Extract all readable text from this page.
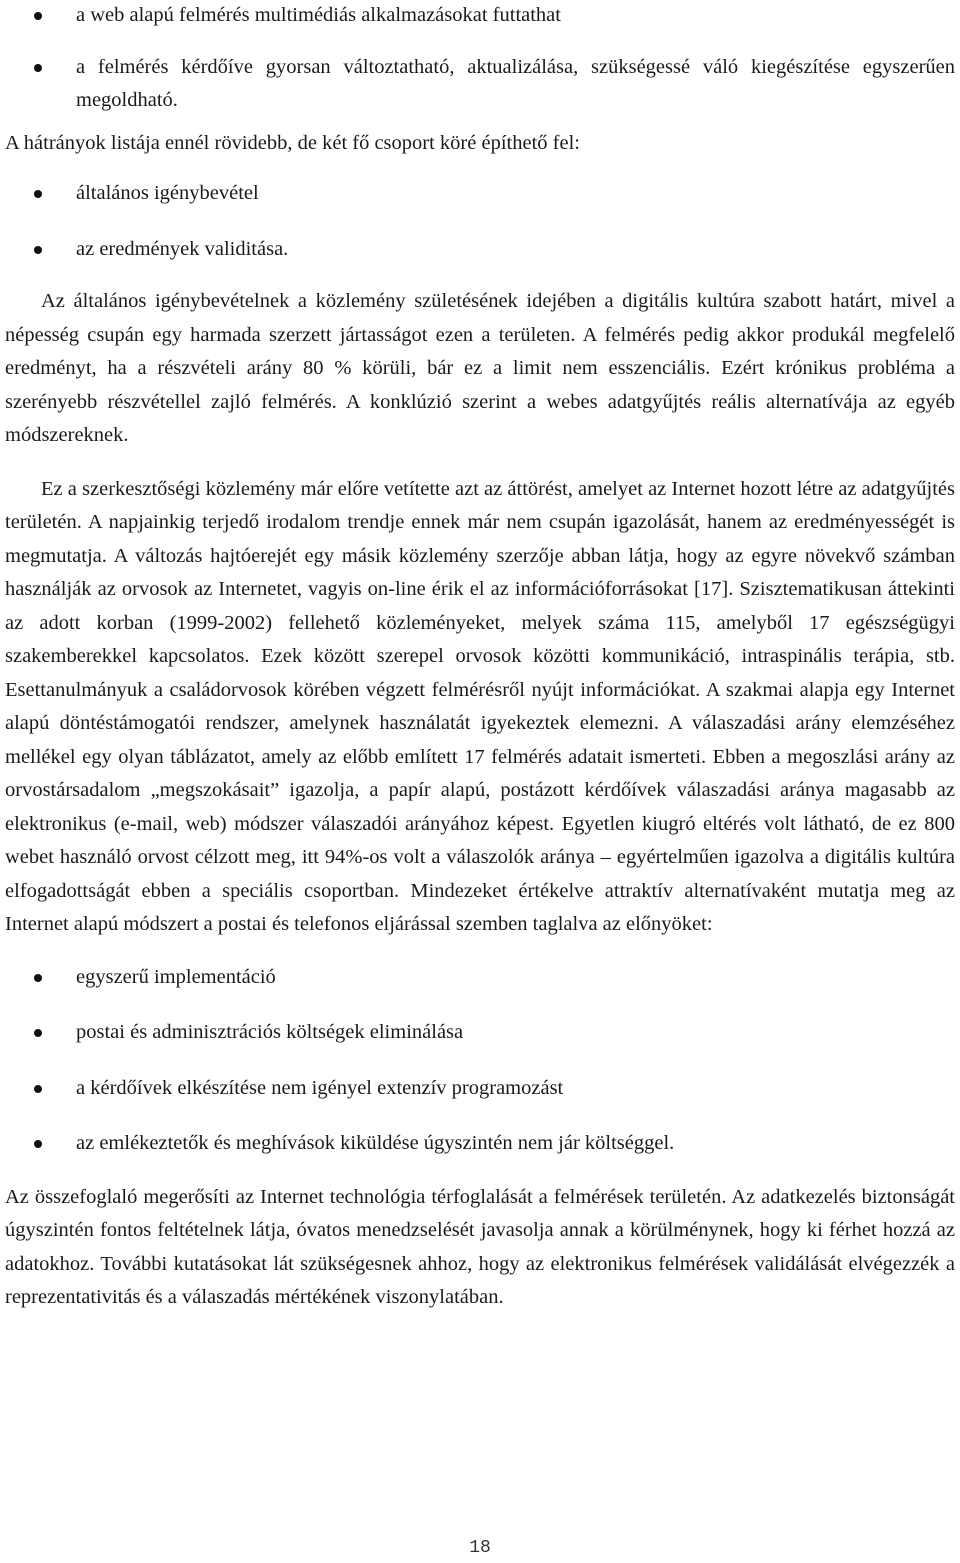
a web alapú felmérés multimédiás alkalmazásokat futtathat
a felmérés kérdőíve gyorsan változtatható, aktualizálása, szükségessé váló kiegészítése egyszerűen megoldható.

A hátrányok listája ennél rövidebb, de két fő csoport köré építhető fel:

általános igénybevétel
az eredmények validitása.

Az általános igénybevételnek a közlemény születésének idejében a digitális kultúra szabott határt, mivel a népesség csupán egy harmada szerzett jártasságot ezen a területen. A felmérés pedig akkor produkál megfelelő eredményt, ha a részvételi arány 80 % körüli, bár ez a limit nem esszenciális. Ezért krónikus probléma a szerényebb részvétellel zajló felmérés. A konklúzió szerint a webes adatgyűjtés reális alternatívája az egyéb módszereknek.

Ez a szerkesztőségi közlemény már előre vetítette azt az áttörést, amelyet az Internet hozott létre az adatgyűjtés területén. A napjainkig terjedő irodalom trendje ennek már nem csupán igazolását, hanem az eredményességét is megmutatja. A változás hajtóerejét egy másik közlemény szerzője abban látja, hogy az egyre növekvő számban használják az orvosok az Internetet, vagyis on-line érik el az információforrásokat [17]. Szisztematikusan áttekinti az adott korban (1999-2002) fellehető közleményeket, melyek száma 115, amelyből 17 egészségügyi szakemberekkel kapcsolatos. Ezek között szerepel orvosok közötti kommunikáció, intraspinális terápia, stb. Esettanulmányuk a családorvosok körében végzett felmérésről nyújt információkat. A szakmai alapja egy Internet alapú döntéstámogatói rendszer, amelynek használatát igyekeztek elemezni. A válaszadási arány elemzéséhez mellékel egy olyan táblázatot, amely az előbb említett 17 felmérés adatait ismerteti. Ebben a megoszlási arány az orvostársadalom „megszokásait” igazolja, a papír alapú, postázott kérdőívek válaszadási aránya magasabb az elektronikus (e-mail, web) módszer válaszadói arányához képest. Egyetlen kiugró eltérés volt látható, de ez 800 webet használó orvost célzott meg, itt 94%-os volt a válaszolók aránya – egyértelműen igazolva a digitális kultúra elfogadottságát ebben a speciális csoportban. Mindezeket értékelve attraktív alternatívaként mutatja meg az Internet alapú módszert a postai és telefonos eljárással szemben taglalva az előnyöket:

egyszerű implementáció
postai és adminisztrációs költségek eliminálása
a kérdőívek elkészítése nem igényel extenzív programozást
az emlékeztetők és meghívások kiküldése úgyszintén nem jár költséggel.

Az összefoglaló megerősíti az Internet technológia térfoglalását a felmérések területén. Az adatkezelés biztonságát úgyszintén fontos feltételnek látja, óvatos menedzselését javasolja annak a körülménynek, hogy ki férhet hozzá az adatokhoz. További kutatásokat lát szükségesnek ahhoz, hogy az elektronikus felmérések validálását elvégezzék a reprezentativitás és a válaszadás mértékének viszonylatában.

18
